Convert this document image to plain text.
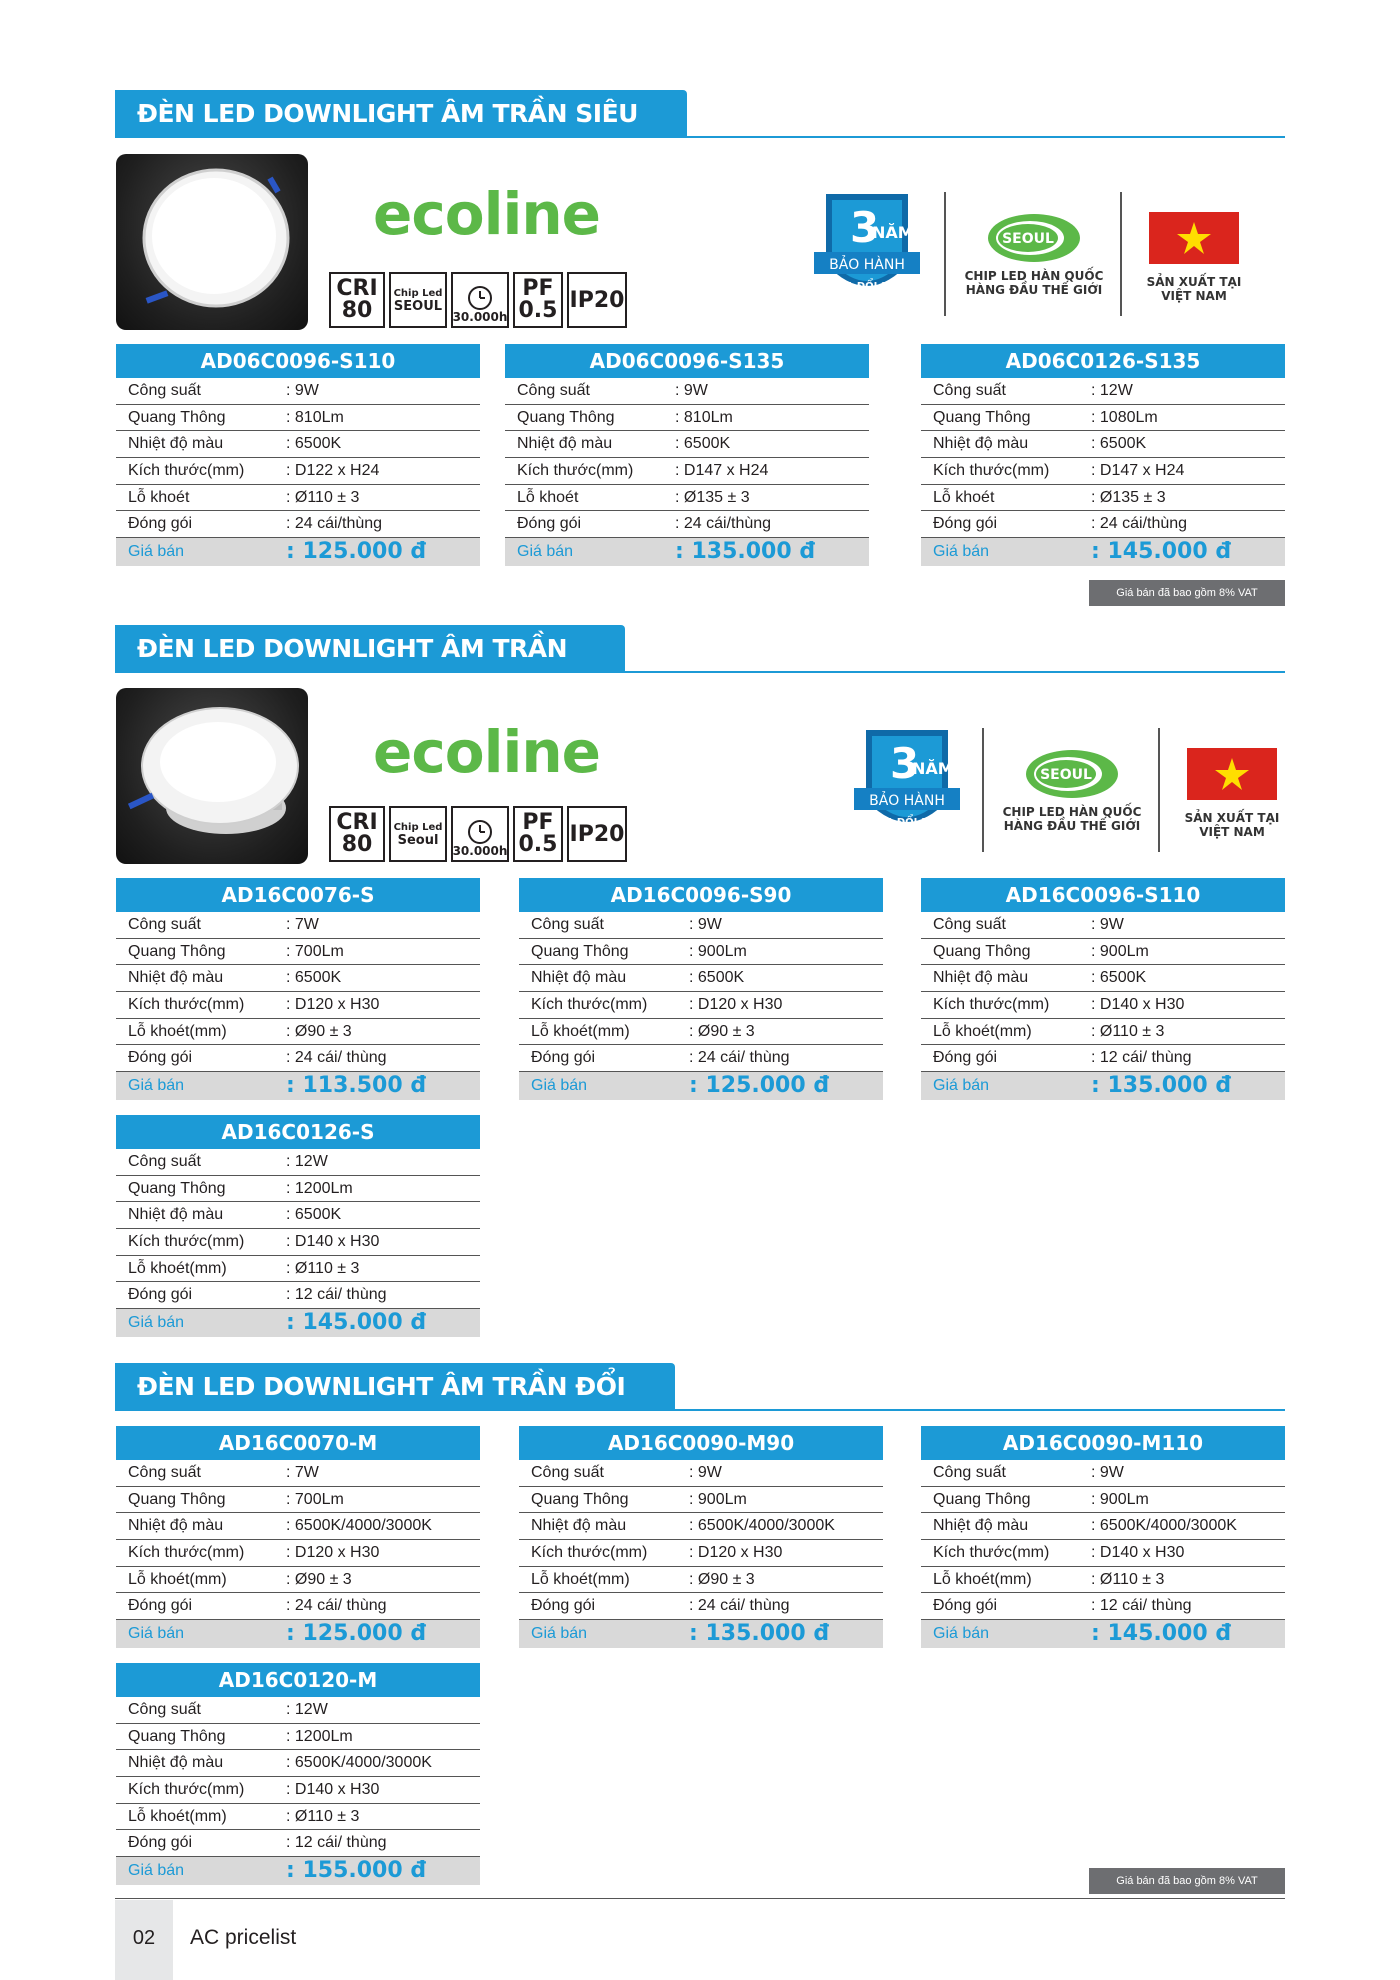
ĐÈN LED DOWNLIGHT ÂM TRẦN SIÊU
ecoline
CRI
80
Chip Led
SEOUL
30.000h
PF
0.5 IP20
3
NĂM
BẢO HÀNH
• 1 ĐỔI 1 •
SEOUL
CHIP LED HÀN QUỐC
HÀNG ĐẦU THẾ GIỚI
SẢN XUẤT TẠI
VIỆT NAM
AD06C0096-S110
Công suất	: 9W
Quang Thông	: 810Lm
Nhiệt độ màu	: 6500K
Kích thước(mm)	: D122 x H24
Lỗ khoét	: Ø110 ± 3
Đóng gói	: 24 cái/thùng
Giá bán	: 125.000 đ
AD06C0096-S135
Công suất	: 9W
Quang Thông	: 810Lm
Nhiệt độ màu	: 6500K
Kích thước(mm)	: D147 x H24
Lỗ khoét	: Ø135 ± 3
Đóng gói	: 24 cái/thùng
Giá bán	: 135.000 đ
AD06C0126-S135
Công suất	: 12W
Quang Thông	: 1080Lm
Nhiệt độ màu	: 6500K
Kích thước(mm)	: D147 x H24
Lỗ khoét	: Ø135 ± 3
Đóng gói	: 24 cái/thùng
Giá bán	: 145.000 đ
Giá bán đã bao gồm 8% VAT
ĐÈN LED DOWNLIGHT ÂM TRẦN
ecoline
CRI
80
Chip Led
Seoul
30.000h
PF
0.5 IP20
3
NĂM
BẢO HÀNH
• 1 ĐỔI 1 •
SEOUL
CHIP LED HÀN QUỐC
HÀNG ĐẦU THẾ GIỚI
SẢN XUẤT TẠI
VIỆT NAM
AD16C0076-S
Công suất	: 7W
Quang Thông	: 700Lm
Nhiệt độ màu	: 6500K
Kích thước(mm)	: D120 x H30
Lỗ khoét(mm)	: Ø90 ± 3
Đóng gói	: 24 cái/ thùng
Giá bán	: 113.500 đ
AD16C0096-S90
Công suất	: 9W
Quang Thông	: 900Lm
Nhiệt độ màu	: 6500K
Kích thước(mm)	: D120 x H30
Lỗ khoét(mm)	: Ø90 ± 3
Đóng gói	: 24 cái/ thùng
Giá bán	: 125.000 đ
AD16C0096-S110
Công suất	: 9W
Quang Thông	: 900Lm
Nhiệt độ màu	: 6500K
Kích thước(mm)	: D140 x H30
Lỗ khoét(mm)	: Ø110 ± 3
Đóng gói	: 12 cái/ thùng
Giá bán	: 135.000 đ
AD16C0126-S
Công suất	: 12W
Quang Thông	: 1200Lm
Nhiệt độ màu	: 6500K
Kích thước(mm)	: D140 x H30
Lỗ khoét(mm)	: Ø110 ± 3
Đóng gói	: 12 cái/ thùng
Giá bán	: 145.000 đ
ĐÈN LED DOWNLIGHT ÂM TRẦN ĐỔI
AD16C0070-M
Công suất	: 7W
Quang Thông	: 700Lm
Nhiệt độ màu	: 6500K/4000/3000K
Kích thước(mm)	: D120 x H30
Lỗ khoét(mm)	: Ø90 ± 3
Đóng gói	: 24 cái/ thùng
Giá bán	: 125.000 đ
AD16C0090-M90
Công suất	: 9W
Quang Thông	: 900Lm
Nhiệt độ màu	: 6500K/4000/3000K
Kích thước(mm)	: D120 x H30
Lỗ khoét(mm)	: Ø90 ± 3
Đóng gói	: 24 cái/ thùng
Giá bán	: 135.000 đ
AD16C0090-M110
Công suất	: 9W
Quang Thông	: 900Lm
Nhiệt độ màu	: 6500K/4000/3000K
Kích thước(mm)	: D140 x H30
Lỗ khoét(mm)	: Ø110 ± 3
Đóng gói	: 12 cái/ thùng
Giá bán	: 145.000 đ
AD16C0120-M
Công suất	: 12W
Quang Thông	: 1200Lm
Nhiệt độ màu	: 6500K/4000/3000K
Kích thước(mm)	: D140 x H30
Lỗ khoét(mm)	: Ø110 ± 3
Đóng gói	: 12 cái/ thùng
Giá bán	: 155.000 đ	Giá bán đã bao gồm 8% VAT
02	AC pricelist
